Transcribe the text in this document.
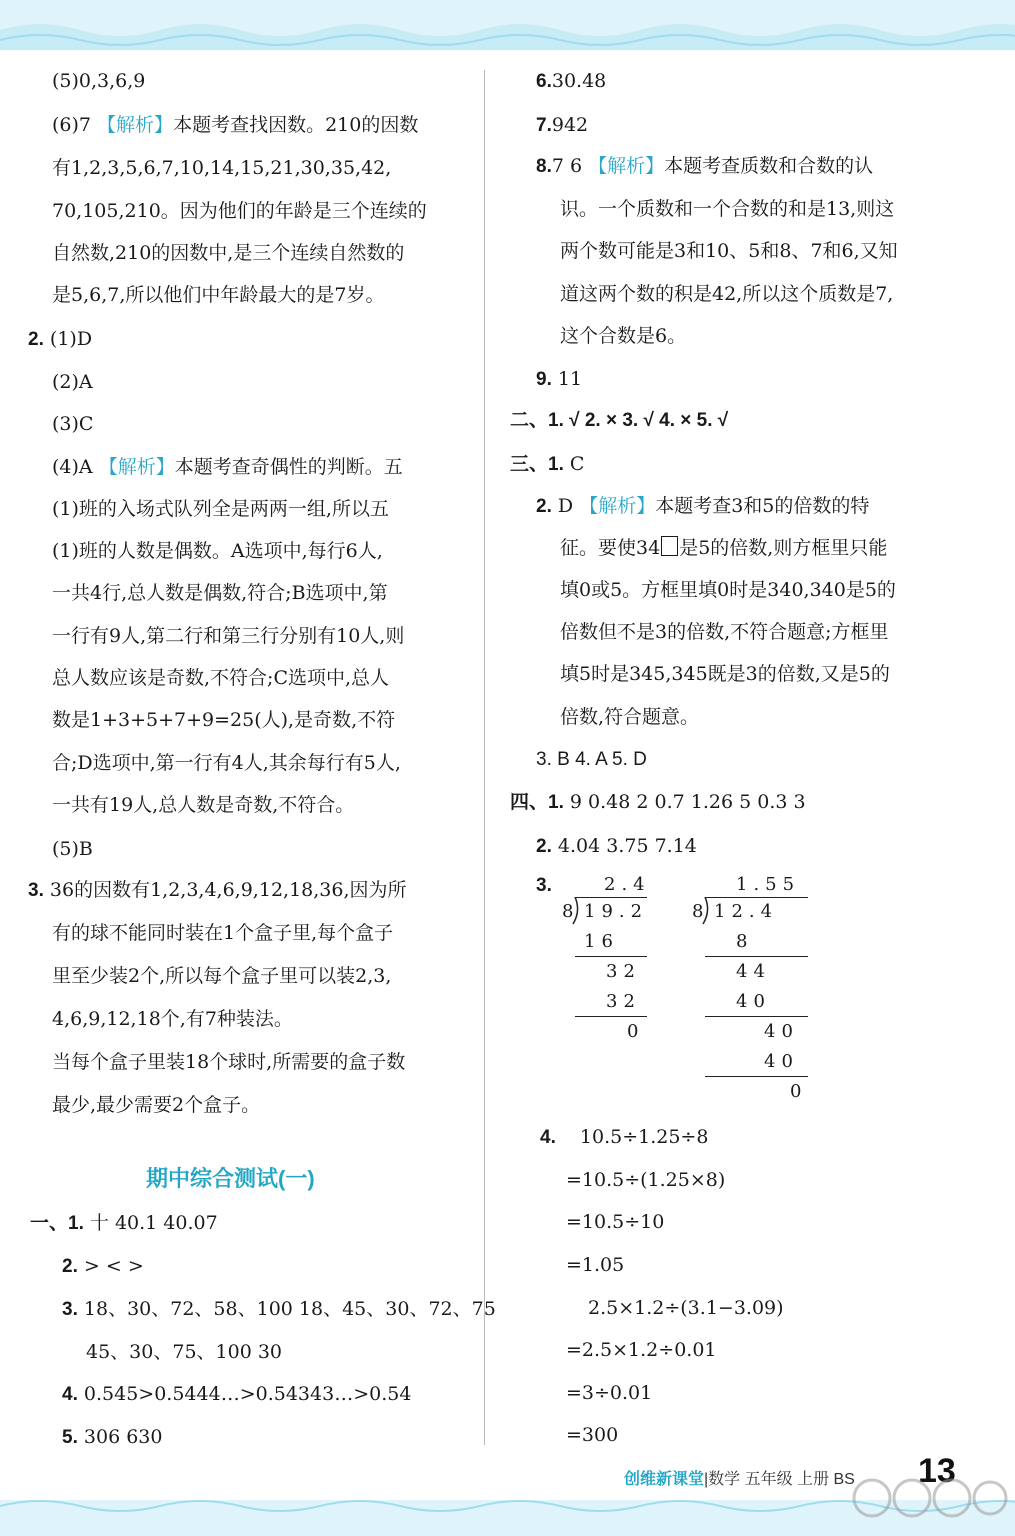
(5)0,3,6,9
(6)7 【解析】本题考查找因数。210的因数
有1,2,3,5,6,7,10,14,15,21,30,35,42,
70,105,210。因为他们的年龄是三个连续的
自然数,210的因数中,是三个连续自然数的
是5,6,7,所以他们中年龄最大的是7岁。
2. (1)D
(2)A
(3)C
(4)A 【解析】本题考查奇偶性的判断。五
(1)班的入场式队列全是两两一组,所以五
(1)班的人数是偶数。A选项中,每行6人,
一共4行,总人数是偶数,符合;B选项中,第
一行有9人,第二行和第三行分别有10人,则
总人数应该是奇数,不符合;C选项中,总人
数是1+3+5+7+9=25(人),是奇数,不符
合;D选项中,第一行有4人,其余每行有5人,
一共有19人,总人数是奇数,不符合。
(5)B
3. 36的因数有1,2,3,4,6,9,12,18,36,因为所
有的球不能同时装在1个盒子里,每个盒子
里至少装2个,所以每个盒子里可以装2,3,
4,6,9,12,18个,有7种装法。
当每个盒子里装18个球时,所需要的盒子数
最少,最少需要2个盒子。
期中综合测试(一)
一、1. 十 40.1 40.07
2. > < >
3. 18、30、72、58、100 18、45、30、72、75
45、30、75、100 30
4. 0.545>0.5444…>0.54343…>0.54
5. 306 630
6.30.48
7.942
8.7 6 【解析】本题考查质数和合数的认
识。一个质数和一个合数的和是13,则这
两个数可能是3和10、5和8、7和6,又知
道这两个数的积是42,所以这个质数是7,
这个合数是6。
9. 11
二、1. √ 2. × 3. √ 4. × 5. √
三、1. C
2. D 【解析】本题考查3和5的倍数的特
征。要使34 是5的倍数,则方框里只能
填0或5。方框里填0时是340,340是5的
倍数但不是3的倍数,不符合题意;方框里
填5时是345,345既是3的倍数,又是5的
倍数,符合题意。
3. B 4. A 5. D
四、1. 9 0.48 2 0.7 1.26 5 0.3 3
2. 4.04 3.75 7.14
3.	2.4
8 19.2
16
32
32
0
1.55
8 12.4
8
44
40
40
40
0
4. 10.5÷1.25÷8
=10.5÷(1.25×8)
=10.5÷10
=1.05
2.5×1.2÷(3.1−3.09)
=2.5×1.2÷0.01
=3÷0.01
=300
创维新课堂|数学 五年级 上册 BS 13
